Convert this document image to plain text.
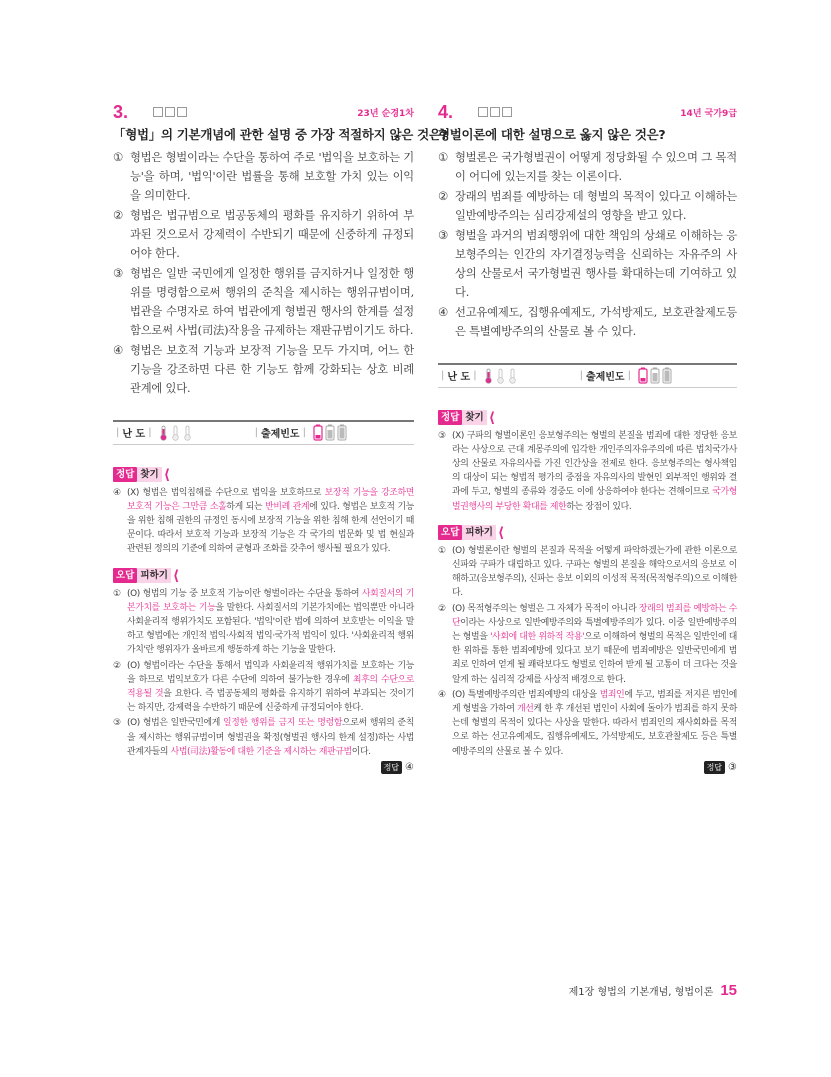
3.	23년 순경1차
「형법」의 기본개념에 관한 설명 중 가장 적절하지 않은 것은?
① 형법은 형벌이라는 수단을 통하여 주로 '법익을 보호하는 기능'을 하며, '법익'이란 법률을 통해 보호할 가치 있는 이익을 의미한다.
② 형법은 법규범으로 법공동체의 평화를 유지하기 위하여 부과된 것으로서 강제력이 수반되기 때문에 신중하게 규정되어야 한다.
③ 형법은 일반 국민에게 일정한 행위를 금지하거나 일정한 행위를 명령함으로써 행위의 준칙을 제시하는 행위규범이며, 법관을 수명자로 하여 법관에게 형벌권 행사의 한계를 설정함으로써 사법(司法)작용을 규제하는 재판규범이기도 하다.
④ 형법은 보호적 기능과 보장적 기능을 모두 가지며, 어느 한 기능을 강조하면 다른 한 기능도 함께 강화되는 상호 비례관계에 있다.
| 난 도 |	| 출제빈도 |
정답 찾기 ⟨
④ (X) 형법은 법익침해를 수단으로 법익을 보호하므로 보장적 기능을 강조하면 보호적 기능은 그만큼 소홀하게 되는 반비례 관계에 있다. 형법은 보호적 기능을 위한 침해 권한의 규정인 동시에 보장적 기능을 위한 침해 한계 선언이기 때문이다. 따라서 보호적 기능과 보장적 기능은 각 국가의 법문화 및 법 현실과 관련된 정의의 기준에 의하여 균형과 조화를 갖추어 행사될 필요가 있다.
오답 피하기 ⟨
① (O) 형법의 기능 중 보호적 기능이란 형벌이라는 수단을 통하여 사회질서의 기본가치를 보호하는 기능을 말한다. 사회질서의 기본가치에는 법익뿐만 아니라 사회윤리적 행위가치도 포함된다. '법익'이란 법에 의하여 보호받는 이익을 말하고 형법에는 개인적 법익·사회적 법익·국가적 법익이 있다. '사회윤리적 행위가치'란 행위자가 올바르게 행동하게 하는 기능을 말한다.
② (O) 형법이라는 수단을 통해서 법익과 사회윤리적 행위가치를 보호하는 기능을 하므로 법익보호가 다른 수단에 의하여 불가능한 경우에 최후의 수단으로 적용될 것을 요한다. 즉 법공동체의 평화를 유지하기 위하여 부과되는 것이기는 하지만, 강제력을 수반하기 때문에 신중하게 규정되어야 한다.
③ (O) 형법은 일반국민에게 일정한 행위를 금지 또는 명령함으로써 행위의 준칙을 제시하는 행위규범이며 형벌권을 확정(형벌권 행사의 한계 설정)하는 사법관계자들의 사법(司法)활동에 대한 기준을 제시하는 재판규범이다.
정답 ④
4.	14년 국가9급
형벌이론에 대한 설명으로 옳지 않은 것은?
① 형벌론은 국가형벌권이 어떻게 정당화될 수 있으며 그 목적이 어디에 있는지를 찾는 이론이다.
② 장래의 범죄를 예방하는 데 형벌의 목적이 있다고 이해하는 일반예방주의는 심리강제설의 영향을 받고 있다.
③ 형벌을 과거의 범죄행위에 대한 책임의 상쇄로 이해하는 응보형주의는 인간의 자기결정능력을 신뢰하는 자유주의 사상의 산물로서 국가형벌권 행사를 확대하는데 기여하고 있다.
④ 선고유예제도, 집행유예제도, 가석방제도, 보호관찰제도등은 특별예방주의의 산물로 볼 수 있다.
| 난 도 |	| 출제빈도 |
정답 찾기 ⟨
③ (X) 구파의 형벌이론인 응보형주의는 형벌의 본질을 범죄에 대한 정당한 응보라는 사상으로 근대 계몽주의에 입각한 개인주의자유주의에 따른 법치국가사상의 산물로 자유의사를 가진 인간상을 전제로 한다. 응보형주의는 형사책임의 대상이 되는 형법적 평가의 중점을 자유의사의 발현인 외부적인 행위와 결과에 두고, 형벌의 종류와 경중도 이에 상응하여야 한다는 견해이므로 국가형벌권행사의 부당한 확대를 제한하는 장점이 있다.
오답 피하기 ⟨
① (O) 형벌론이란 형벌의 본질과 목적을 어떻게 파악하겠는가에 관한 이론으로 신파와 구파가 대립하고 있다. 구파는 형벌의 본질을 해악으로서의 응보로 이해하고(응보형주의), 신파는 응보 이외의 이성적 목적(목적형주의)으로 이해한다.
② (O) 목적형주의는 형벌은 그 자체가 목적이 아니라 장래의 범죄를 예방하는 수단이라는 사상으로 일반예방주의와 특별예방주의가 있다. 이중 일반예방주의는 형벌을 '사회에 대한 위하적 작용'으로 이해하여 형벌의 목적은 일반인에 대한 위하를 통한 범죄예방에 있다고 보기 때문에 범죄예방은 일반국민에게 범죄로 인하여 얻게 될 쾌락보다도 형벌로 인하여 받게 될 고통이 더 크다는 것을 알게 하는 심리적 강제를 사상적 배경으로 한다.
④ (O) 특별예방주의란 범죄예방의 대상을 범죄인에 두고, 범죄를 저지른 범인에게 형벌을 가하여 개선케 한 후 개선된 범인이 사회에 돌아가 범죄를 하지 못하는데 형벌의 목적이 있다는 사상을 말한다. 따라서 범죄인의 재사회화를 목적으로 하는 선고유예제도, 집행유예제도, 가석방제도, 보호관찰제도 등은 특별예방주의의 산물로 볼 수 있다.
정답 ③
제1장 형법의 기본개념, 형법이론 15
